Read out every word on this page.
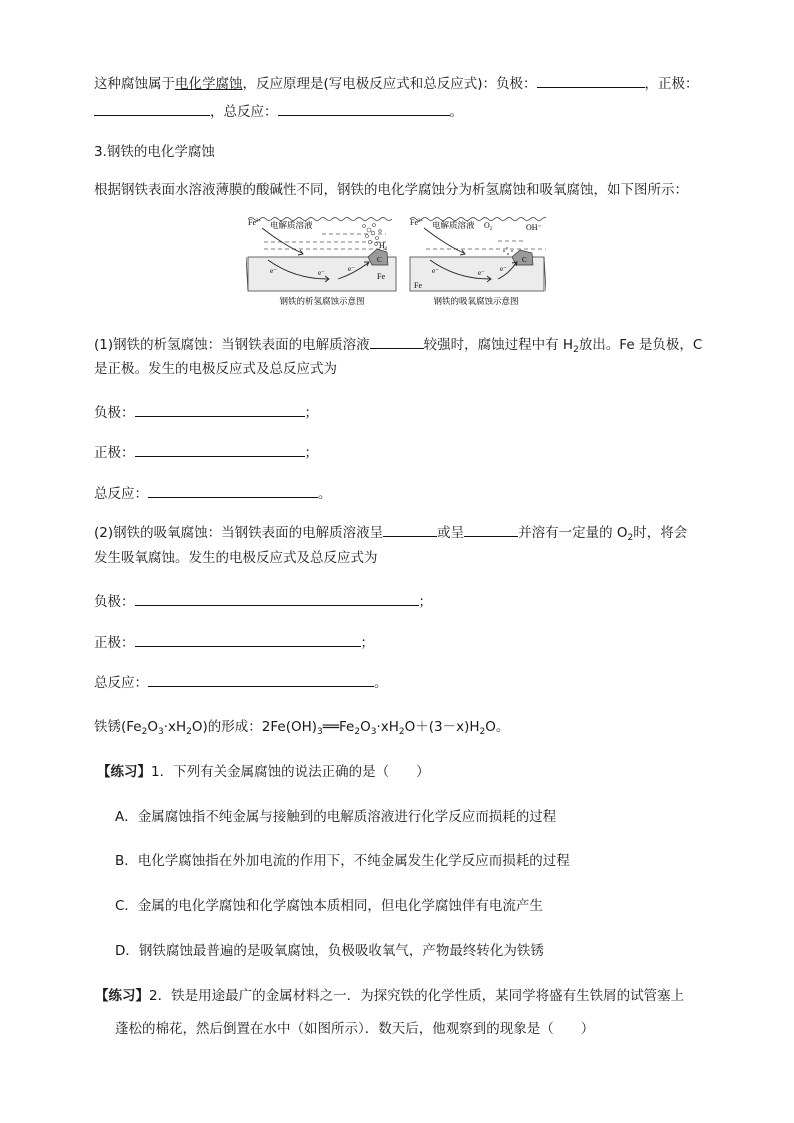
这种腐蚀属于电化学腐蚀，反应原理是(写电极反应式和总反应式)：负极：	，正极：
，总反应：	。
3.钢铁的电化学腐蚀
根据钢铁表面水溶液薄膜的酸碱性不同，钢铁的电化学腐蚀分为析氢腐蚀和吸氧腐蚀，如下图所示：
$Fe^{2+}$ 电解质溶液
$H_2$
C
Fe
e⁻	e⁻	e⁻
钢铁的析氢腐蚀示意图
$Fe^{2+}$ 电解质溶液 $O_2$	OH⁻
C
Fe
e⁻	e⁻ e⁻
钢铁的吸氧腐蚀示意图
(1)钢铁的析氢腐蚀：当钢铁表面的电解质溶液	较强时，腐蚀过程中有 $H_2$放出。Fe 是负极，C
是正极。发生的电极反应式及总反应式为
负极：	；
正极：	；
总反应：	。
(2)钢铁的吸氧腐蚀：当钢铁表面的电解质溶液呈	或呈	并溶有一定量的 $O_2$时，将会
发生吸氧腐蚀。发生的电极反应式及总反应式为
负极：	；
正极：	；
总反应：	。
铁锈$(Fe_2O_3\cdot xH_2O)$的形成：$2Fe(OH)_3══Fe_2O_3\cdot xH_2O+(3-x)H_2O$。
【练习】1．下列有关金属腐蚀的说法正确的是（　　）
A．金属腐蚀指不纯金属与接触到的电解质溶液进行化学反应而损耗的过程
B．电化学腐蚀指在外加电流的作用下，不纯金属发生化学反应而损耗的过程
C．金属的电化学腐蚀和化学腐蚀本质相同，但电化学腐蚀伴有电流产生
D．钢铁腐蚀最普遍的是吸氧腐蚀，负极吸收氧气，产物最终转化为铁锈
【练习】2．铁是用途最广的金属材料之一．为探究铁的化学性质，某同学将盛有生铁屑的试管塞上
蓬松的棉花，然后倒置在水中（如图所示）．数天后，他观察到的现象是（　　）
